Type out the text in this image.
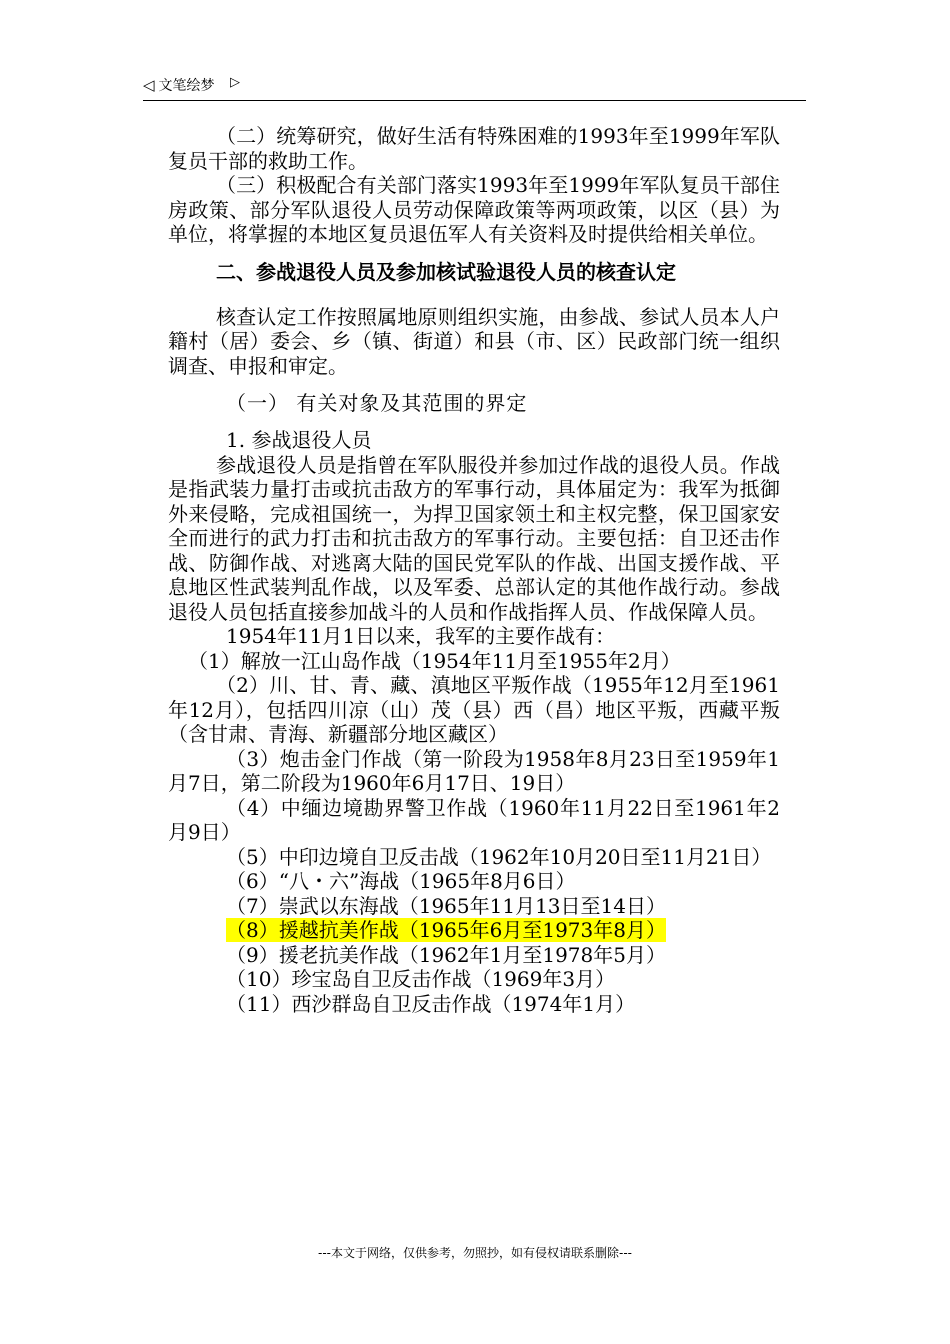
◁ 文笔绘梦 ▷

（二）统筹研究，做好生活有特殊困难的1993年至1999年军队复员干部的救助工作。

（三）积极配合有关部门落实1993年至1999年军队复员干部住房政策、部分军队退役人员劳动保障政策等两项政策，以区（县）为单位，将掌握的本地区复员退伍军人有关资料及时提供给相关单位。

二、参战退役人员及参加核试验退役人员的核查认定

核查认定工作按照属地原则组织实施，由参战、参试人员本人户籍村（居）委会、乡（镇、街道）和县（市、区）民政部门统一组织调查、申报和审定。

（一） 有关对象及其范围的界定

1. 参战退役人员

参战退役人员是指曾在军队服役并参加过作战的退役人员。作战是指武装力量打击或抗击敌方的军事行动，具体届定为：我军为抵御外来侵略，完成祖国统一，为捍卫国家领土和主权完整，保卫国家安全而进行的武力打击和抗击敌方的军事行动。主要包括：自卫还击作战、防御作战、对逃离大陆的国民党军队的作战、出国支援作战、平息地区性武装判乱作战，以及军委、总部认定的其他作战行动。参战退役人员包括直接参加战斗的人员和作战指挥人员、作战保障人员。

1954年11月1日以来，我军的主要作战有：

（1）解放一江山岛作战（1954年11月至1955年2月）

（2）川、甘、青、藏、滇地区平叛作战（1955年12月至1961年12月），包括四川凉（山）茂（县）西（昌）地区平叛，西藏平叛（含甘肃、青海、新疆部分地区藏区）

（3）炮击金门作战（第一阶段为1958年8月23日至1959年1月7日，第二阶段为1960年6月17日、19日）

（4）中缅边境勘界警卫作战（1960年11月22日至1961年2月9日）

（5）中印边境自卫反击战（1962年10月20日至11月21日）

（6）“八・六”海战（1965年8月6日）

（7）崇武以东海战（1965年11月13日至14日）

（8）援越抗美作战（1965年6月至1973年8月）

（9）援老抗美作战（1962年1月至1978年5月）

（10）珍宝岛自卫反击作战（1969年3月）

（11）西沙群岛自卫反击作战（1974年1月）

---本文于网络，仅供参考，勿照抄，如有侵权请联系删除---
